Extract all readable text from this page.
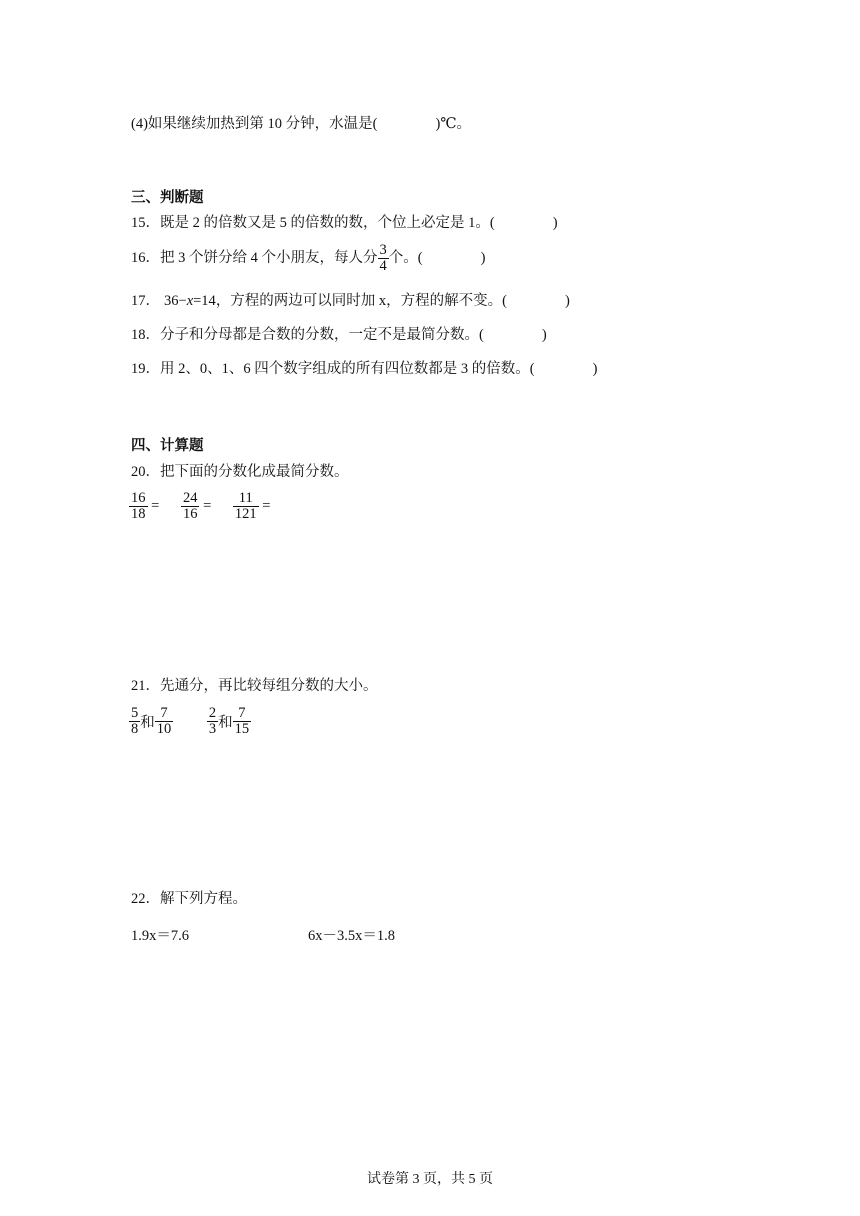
(4)如果继续加热到第 10 分钟，水温是(　　　　)℃。
三、判断题
15．既是 2 的倍数又是 5 的倍数的数，个位上必定是 1。(　　　　)
16．把 3 个饼分给 4 个小朋友，每人分 $\frac{3}{4}$ 个。(　　　　)
17． 36−x=14，方程的两边可以同时加 x，方程的解不变。(　　　　)
18．分子和分母都是合数的分数，一定不是最简分数。(　　　　)
19．用 2、0、1、6 四个数字组成的所有四位数都是 3 的倍数。(　　　　)
四、计算题
20．把下面的分数化成最简分数。
$\frac{16}{18} = \frac{24}{16} = \frac{11}{121}$ =
21．先通分，再比较每组分数的大小。
$\frac{5}{8}$ 和 $\frac{7}{10}$
$\frac{2}{3}$ 和 $\frac{7}{15}$
22．解下列方程。
1.9x＝7.6	6x－3.5x＝1.8
试卷第 3 页，共 5 页
